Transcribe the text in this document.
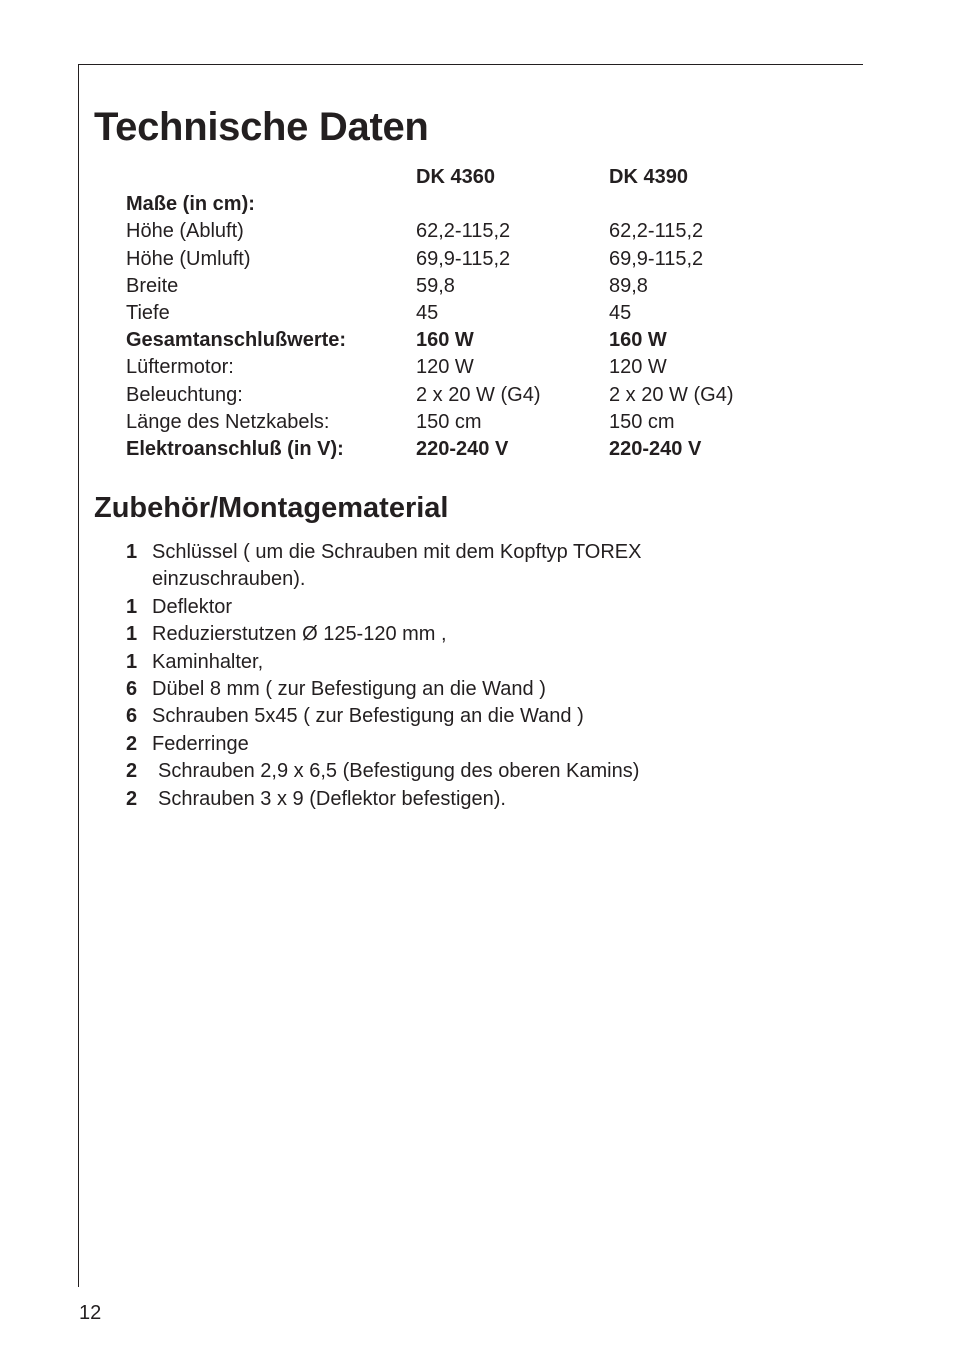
Technische Daten
DK 4360	DK 4390
Maße (in cm):
Höhe (Abluft)	62,2-115,2	62,2-115,2
Höhe (Umluft)	69,9-115,2	69,9-115,2
Breite	59,8	89,8
Tiefe	45	45
Gesamtanschlußwerte:	160 W	160 W
Lüftermotor:	120 W	120 W
Beleuchtung:	2 x 20 W (G4)	2 x 20 W (G4)
Länge des Netzkabels:	150 cm	150 cm
Elektroanschluß (in V):	220-240 V	220-240 V
Zubehör/Montagematerial
1 Schlüssel ( um die Schrauben mit dem Kopftyp TOREX
einzuschrauben).
1 Deflektor
1 Reduzierstutzen Ø 125-120 mm ,
1 Kaminhalter,
6 Dübel 8 mm ( zur Befestigung an die Wand )
6 Schrauben 5x45 ( zur Befestigung an die Wand )
2 Federringe
2	Schrauben 2,9 x 6,5 (Befestigung des oberen Kamins)
2	Schrauben 3 x 9 (Deflektor befestigen).
12
